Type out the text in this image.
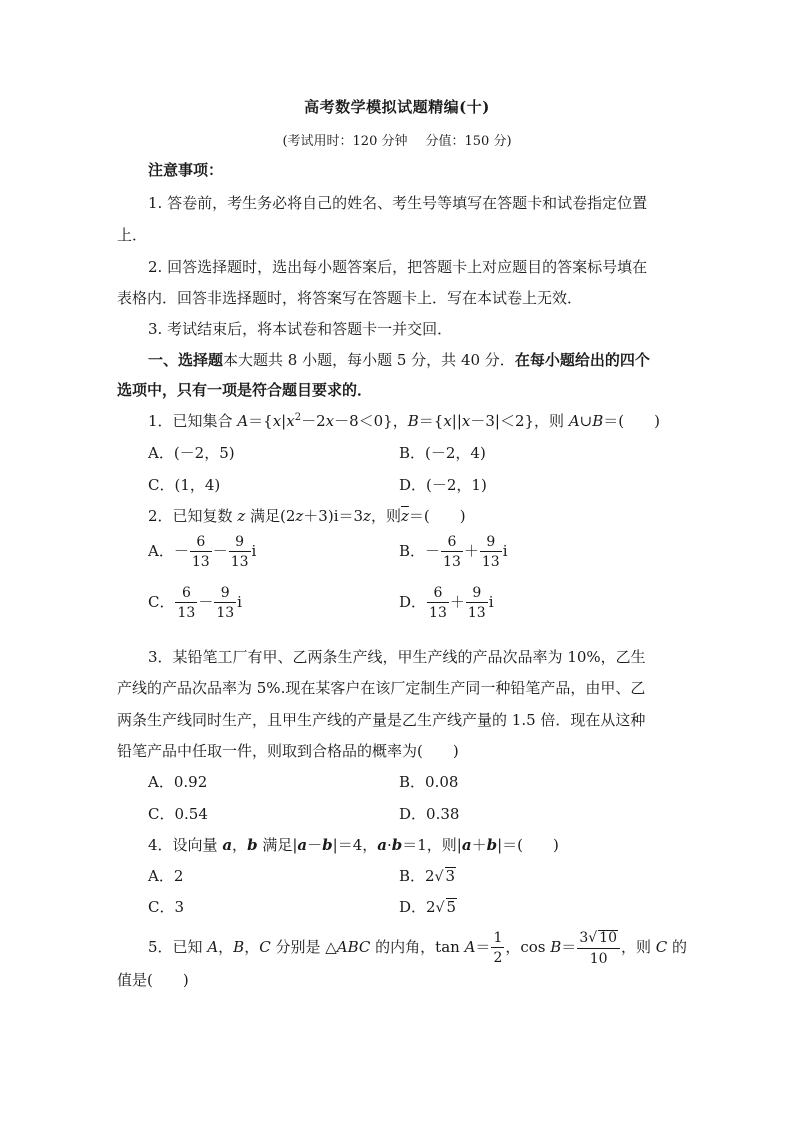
高考数学模拟试题精编(十)
(考试用时：120 分钟 分值：150 分)
注意事项：
1. 答卷前，考生务必将自己的姓名、考生号等填写在答题卡和试卷指定位置
上．
2. 回答选择题时，选出每小题答案后，把答题卡上对应题目的答案标号填在
表格内．回答非选择题时，将答案写在答题卡上．写在本试卷上无效．
3. 考试结束后，将本试卷和答题卡一并交回．
一、选择题本大题共 8 小题，每小题 5 分，共 40 分．在每小题给出的四个
选项中，只有一项是符合题目要求的．
1．已知集合 $A=\{x|x^2-2x-8<0\}$，B＝{x||x－3|＜2}，则 A∪B＝(　　)
A．(－2，5)	B．(－2，4)
C．(1，4)	D．(－2，1)
2．已知复数 z 满足(2z＋3)i＝3z，则$\overline{z}=$(　　)
A．－ $\frac{6}{13} - \frac{9}{13}$ i	B．－ $\frac{6}{13} + \frac{9}{13}$ i
C． $\frac{6}{13} - \frac{9}{13}$ i	D． $\frac{6}{13} + \frac{9}{13}$ i
3．某铅笔工厂有甲、乙两条生产线，甲生产线的产品次品率为 10%，乙生
产线的产品次品率为 5%.现在某客户在该厂定制生产同一种铅笔产品，由甲、乙
两条生产线同时生产，且甲生产线的产量是乙生产线产量的 1.5 倍．现在从这种
铅笔产品中任取一件，则取到合格品的概率为(　　)
A．0.92	B．0.08
C．0.54	D．0.38
4．设向量 a，b 满足|a－b|＝4，a·b＝1，则|a＋b|＝(　　)
A．2	B．2√ 3
C．3	D．2√ 5
5．已知 A，B，C 分别是 △ABC 的内角，$\tan A= \frac{1}{2}$ ，$\cos B= \frac{3√ 10}{10}$ ，则 C 的
值是(　　)
